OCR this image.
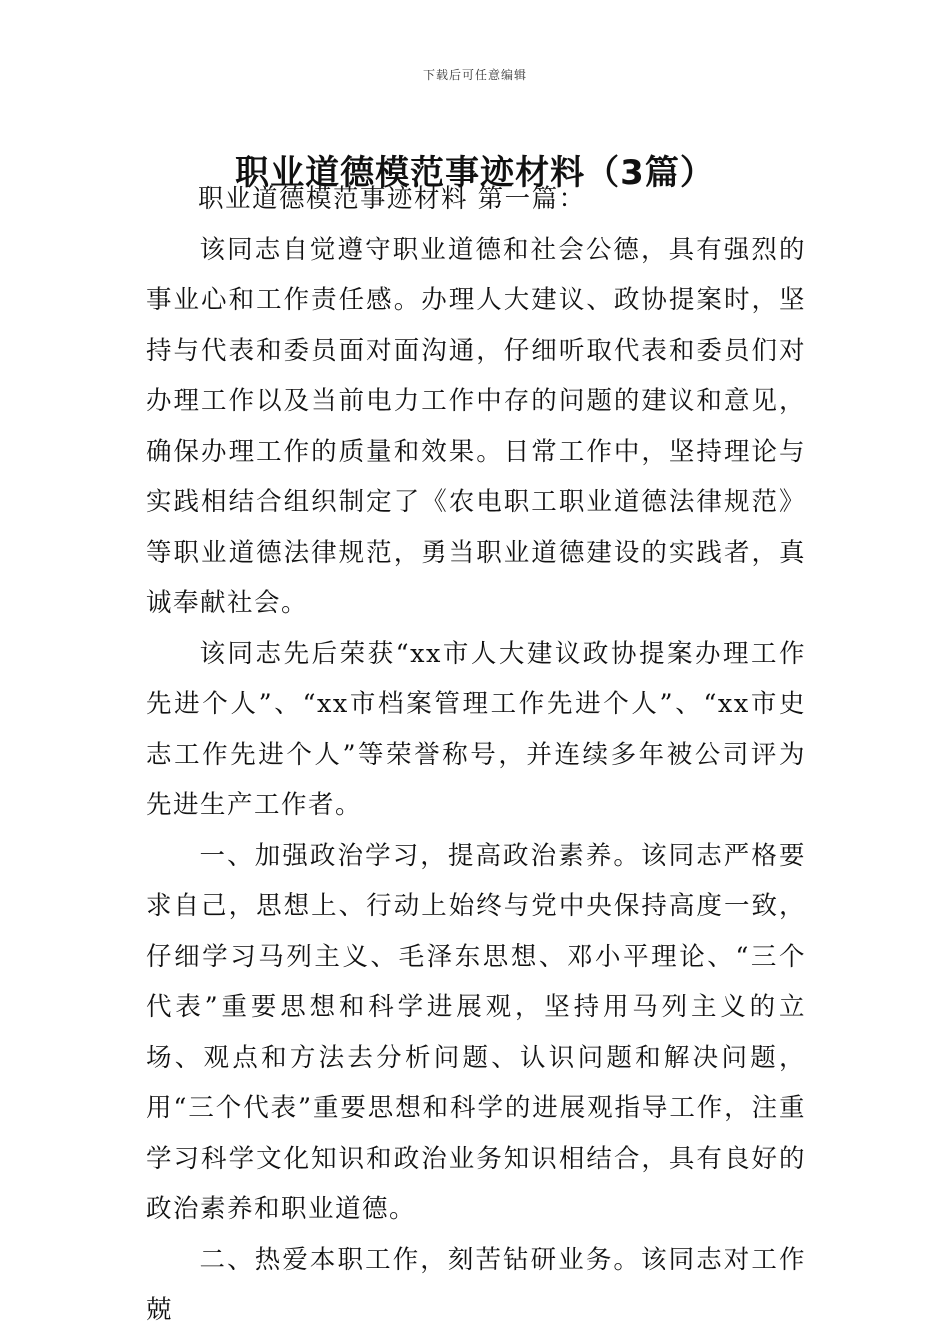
下载后可任意编辑
职业道德模范事迹材料（3篇）

职业道德模范事迹材料 第一篇：

该同志自觉遵守职业道德和社会公德，具有强烈的事业心和工作责任感。办理人大建议、政协提案时，坚持与代表和委员面对面沟通，仔细听取代表和委员们对办理工作以及当前电力工作中存的问题的建议和意见，确保办理工作的质量和效果。日常工作中，坚持理论与实践相结合组织制定了《农电职工职业道德法律规范》等职业道德法律规范，勇当职业道德建设的实践者，真诚奉献社会。

该同志先后荣获“xx市人大建议政协提案办理工作先进个人”、“xx市档案管理工作先进个人”、“xx市史志工作先进个人”等荣誉称号，并连续多年被公司评为先进生产工作者。

一、加强政治学习，提高政治素养。该同志严格要求自己，思想上、行动上始终与党中央保持高度一致，仔细学习马列主义、毛泽东思想、邓小平理论、“三个代表”重要思想和科学进展观，坚持用马列主义的立场、观点和方法去分析问题、认识问题和解决问题，用“三个代表”重要思想和科学的进展观指导工作，注重学习科学文化知识和政治业务知识相结合，具有良好的政治素养和职业道德。

二、热爱本职工作，刻苦钻研业务。该同志对工作兢
